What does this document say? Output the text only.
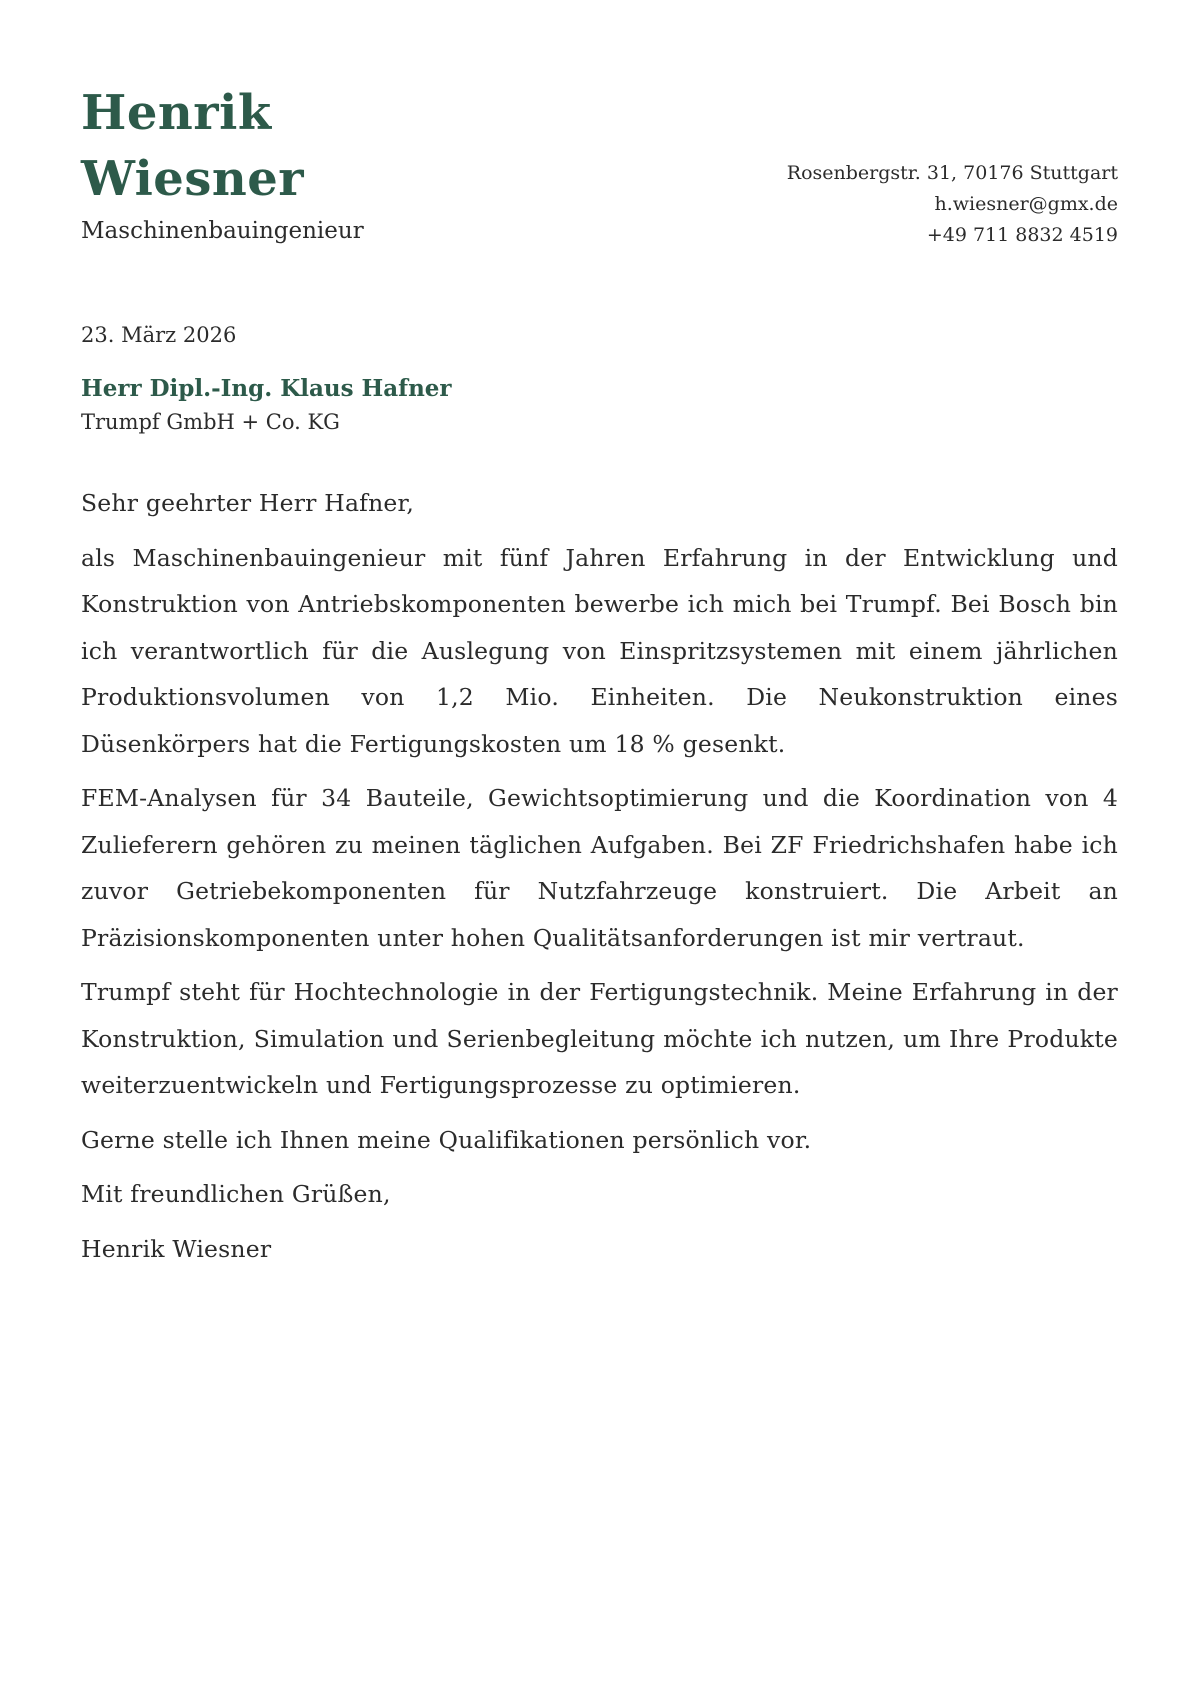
Henrik
Wiesner
Maschinenbauingenieur
Rosenbergstr. 31, 70176 Stuttgart
h.wiesner@gmx.de
+49 711 8832 4519
23. März 2026
Herr Dipl.-Ing. Klaus Hafner
Trumpf GmbH + Co. KG

Sehr geehrter Herr Hafner,

als Maschinenbauingenieur mit fünf Jahren Erfahrung in der Entwicklung und Konstruktion von Antriebskomponenten bewerbe ich mich bei Trumpf. Bei Bosch bin ich verantwortlich für die Auslegung von Einspritzsystemen mit einem jährlichen Produktionsvolumen von 1,2 Mio. Einheiten. Die Neukonstruktion eines Düsenkörpers hat die Fertigungskosten um 18 % gesenkt.

FEM-Analysen für 34 Bauteile, Gewichtsoptimierung und die Koordination von 4 Zulieferern gehören zu meinen täglichen Aufgaben. Bei ZF Friedrichshafen habe ich zuvor Getriebekomponenten für Nutzfahrzeuge konstruiert. Die Arbeit an Präzisionskomponenten unter hohen Qualitätsanforderungen ist mir vertraut.

Trumpf steht für Hochtechnologie in der Fertigungstechnik. Meine Erfahrung in der Konstruktion, Simulation und Serienbegleitung möchte ich nutzen, um Ihre Produkte weiterzuentwickeln und Fertigungsprozesse zu optimieren.

Gerne stelle ich Ihnen meine Qualifikationen persönlich vor.

Mit freundlichen Grüßen,

Henrik Wiesner
